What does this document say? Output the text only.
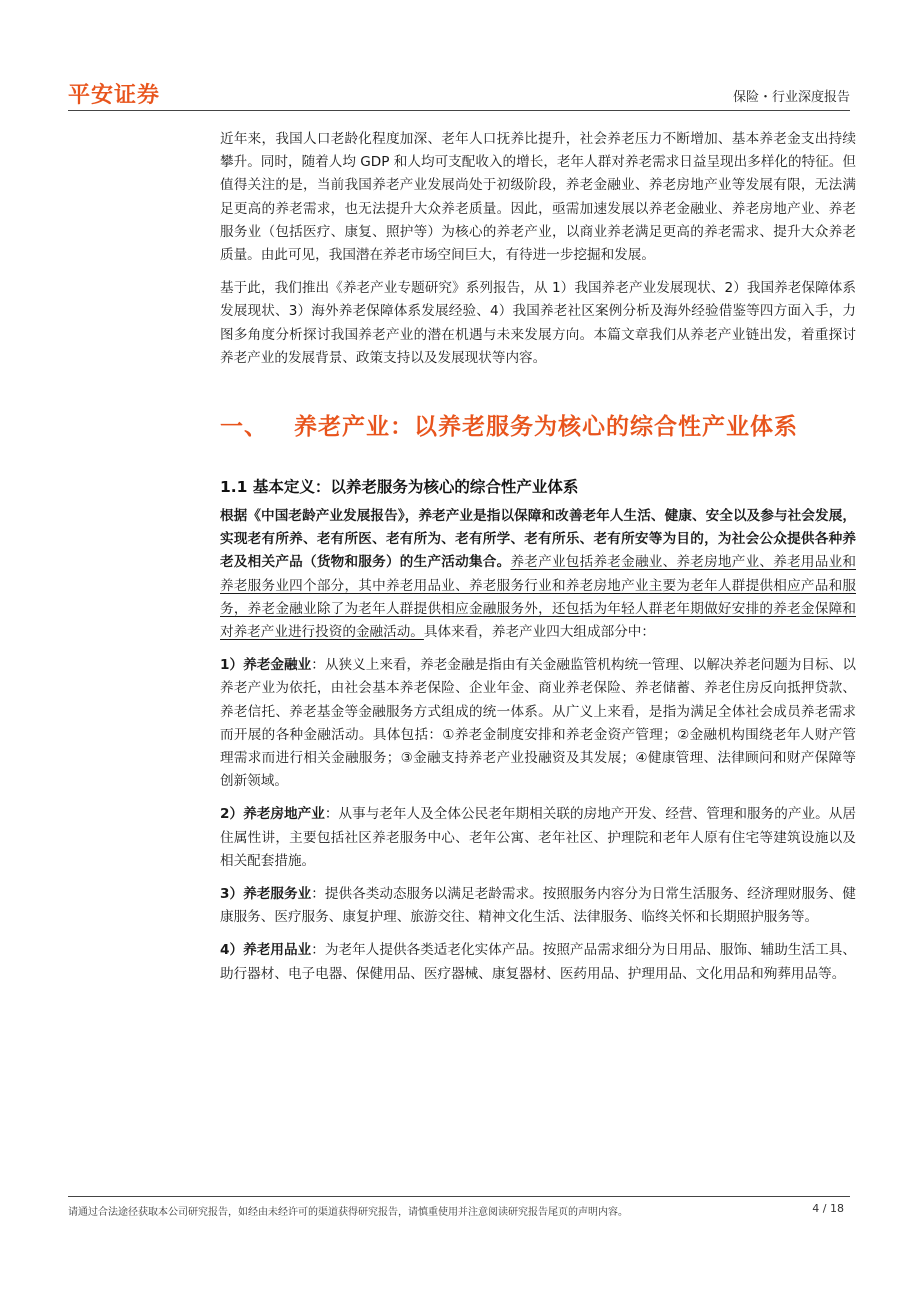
平安证券	保险・行业深度报告

近年来，我国人口老龄化程度加深、老年人口抚养比提升，社会养老压力不断增加、基本养老金支出持续攀升。同时，随着人均 GDP 和人均可支配收入的增长，老年人群对养老需求日益呈现出多样化的特征。但值得关注的是，当前我国养老产业发展尚处于初级阶段，养老金融业、养老房地产业等发展有限，无法满足更高的养老需求，也无法提升大众养老质量。因此，亟需加速发展以养老金融业、养老房地产业、养老服务业（包括医疗、康复、照护等）为核心的养老产业，以商业养老满足更高的养老需求、提升大众养老质量。由此可见，我国潜在养老市场空间巨大，有待进一步挖掘和发展。

基于此，我们推出《养老产业专题研究》系列报告，从 1）我国养老产业发展现状、2）我国养老保障体系发展现状、3）海外养老保障体系发展经验、4）我国养老社区案例分析及海外经验借鉴等四方面入手，力图多角度分析探讨我国养老产业的潜在机遇与未来发展方向。本篇文章我们从养老产业链出发，着重探讨养老产业的发展背景、政策支持以及发展现状等内容。

一、 养老产业：以养老服务为核心的综合性产业体系
1.1 基本定义：以养老服务为核心的综合性产业体系

根据《中国老龄产业发展报告》，养老产业是指以保障和改善老年人生活、健康、安全以及参与社会发展，实现老有所养、老有所医、老有所为、老有所学、老有所乐、老有所安等为目的，为社会公众提供各种养老及相关产品（货物和服务）的生产活动集合。养老产业包括养老金融业、养老房地产业、养老用品业和养老服务业四个部分，其中养老用品业、养老服务行业和养老房地产业主要为老年人群提供相应产品和服务，养老金融业除了为老年人群提供相应金融服务外，还包括为年轻人群老年期做好安排的养老金保障和对养老产业进行投资的金融活动。具体来看，养老产业四大组成部分中：

1）养老金融业：从狭义上来看，养老金融是指由有关金融监管机构统一管理、以解决养老问题为目标、以养老产业为依托，由社会基本养老保险、企业年金、商业养老保险、养老储蓄、养老住房反向抵押贷款、养老信托、养老基金等金融服务方式组成的统一体系。从广义上来看，是指为满足全体社会成员养老需求而开展的各种金融活动。具体包括：①养老金制度安排和养老金资产管理；②金融机构围绕老年人财产管理需求而进行相关金融服务；③金融支持养老产业投融资及其发展；④健康管理、法律顾问和财产保障等创新领域。

2）养老房地产业：从事与老年人及全体公民老年期相关联的房地产开发、经营、管理和服务的产业。从居住属性讲，主要包括社区养老服务中心、老年公寓、老年社区、护理院和老年人原有住宅等建筑设施以及相关配套措施。

3）养老服务业：提供各类动态服务以满足老龄需求。按照服务内容分为日常生活服务、经济理财服务、健康服务、医疗服务、康复护理、旅游交往、精神文化生活、法律服务、临终关怀和长期照护服务等。

4）养老用品业：为老年人提供各类适老化实体产品。按照产品需求细分为日用品、服饰、辅助生活工具、助行器材、电子电器、保健用品、医疗器械、康复器材、医药用品、护理用品、文化用品和殉葬用品等。

请通过合法途径获取本公司研究报告，如经由未经许可的渠道获得研究报告，请慎重使用并注意阅读研究报告尾页的声明内容。	4 / 18
